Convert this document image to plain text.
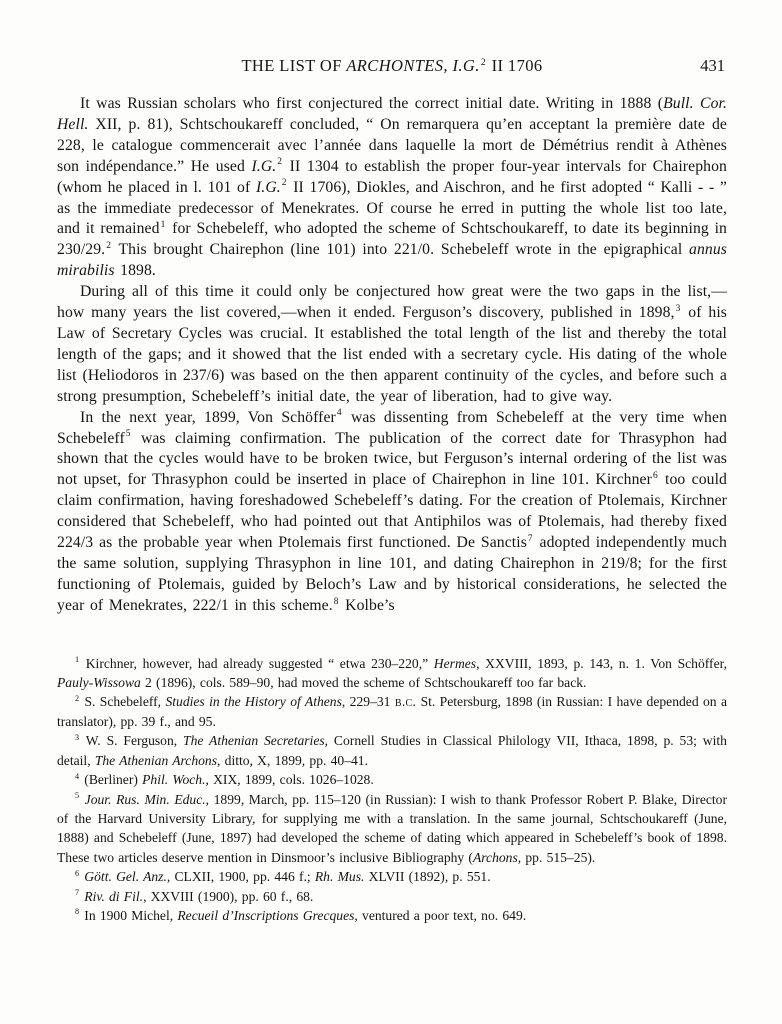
THE LIST OF ARCHONTES, I.G.$^2$ II 1706	431

It was Russian scholars who first conjectured the correct initial date. Writing in 1888 (Bull. Cor. Hell. XII, p. 81), Schtschoukareff concluded, “ On remarquera qu’en acceptant la première date de 228, le catalogue commencerait avec l’année dans laquelle la mort de Démétrius rendit à Athènes son indépendance.” He used I.G.$^2$ II 1304 to establish the proper four-year intervals for Chairephon (whom he placed in l. 101 of I.G.$^2$ II 1706), Diokles, and Aischron, and he first adopted “ Kalli - - ” as the immediate predecessor of Menekrates. Of course he erred in putting the whole list too late, and it remained$^1$ for Schebeleff, who adopted the scheme of Schtschoukareff, to date its beginning in 230/29.$^2$ This brought Chairephon (line 101) into 221/0. Schebeleff wrote in the epigraphical annus mirabilis 1898.

During all of this time it could only be conjectured how great were the two gaps in the list,—how many years the list covered,—when it ended. Ferguson’s discovery, published in 1898,$^3$ of his Law of Secretary Cycles was crucial. It established the total length of the list and thereby the total length of the gaps; and it showed that the list ended with a secretary cycle. His dating of the whole list (Heliodoros in 237/6) was based on the then apparent continuity of the cycles, and before such a strong presumption, Schebeleff’s initial date, the year of liberation, had to give way.

In the next year, 1899, Von Schöffer$^4$ was dissenting from Schebeleff at the very time when Schebeleff$^5$ was claiming confirmation. The publication of the correct date for Thrasyphon had shown that the cycles would have to be broken twice, but Ferguson’s internal ordering of the list was not upset, for Thrasyphon could be inserted in place of Chairephon in line 101. Kirchner$^6$ too could claim confirmation, having foreshadowed Schebeleff’s dating. For the creation of Ptolemais, Kirchner considered that Schebeleff, who had pointed out that Antiphilos was of Ptolemais, had thereby fixed 224/3 as the probable year when Ptolemais first functioned. De Sanctis$^7$ adopted independently much the same solution, supplying Thrasyphon in line 101, and dating Chairephon in 219/8; for the first functioning of Ptolemais, guided by Beloch’s Law and by historical considerations, he selected the year of Menekrates, 222/1 in this scheme.$^8$ Kolbe’s

$^1$ Kirchner, however, had already suggested “ etwa 230–220,” Hermes, XXVIII, 1893, p. 143, n. 1. Von Schöffer, Pauly-Wissowa 2 (1896), cols. 589–90, had moved the scheme of Schtschoukareff too far back.

$^2$ S. Schebeleff, Studies in the History of Athens, 229–31 b.c. St. Petersburg, 1898 (in Russian: I have depended on a translator), pp. 39 f., and 95.

$^3$ W. S. Ferguson, The Athenian Secretaries, Cornell Studies in Classical Philology VII, Ithaca, 1898, p. 53; with detail, The Athenian Archons, ditto, X, 1899, pp. 40–41.

$^4$ (Berliner) Phil. Woch., XIX, 1899, cols. 1026–1028.

$^5$ Jour. Rus. Min. Educ., 1899, March, pp. 115–120 (in Russian): I wish to thank Professor Robert P. Blake, Director of the Harvard University Library, for supplying me with a translation. In the same journal, Schtschoukareff (June, 1888) and Schebeleff (June, 1897) had developed the scheme of dating which appeared in Schebeleff’s book of 1898. These two articles deserve mention in Dinsmoor’s inclusive Bibliography (Archons, pp. 515–25).

$^6$ Gött. Gel. Anz., CLXII, 1900, pp. 446 f.; Rh. Mus. XLVII (1892), p. 551.

$^7$ Riv. di Fil., XXVIII (1900), pp. 60 f., 68.

$^8$ In 1900 Michel, Recueil d’Inscriptions Grecques, ventured a poor text, no. 649.
